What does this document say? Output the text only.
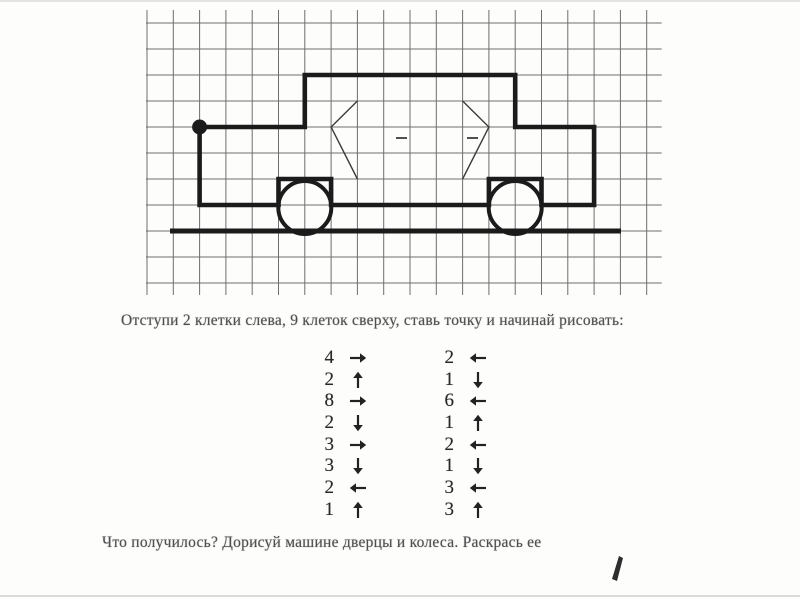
Отступи 2 клетки слева, 9 клеток сверху, ставь точку и начинай рисовать:
4
2
8
2
3
3
2
1
2
1
6
1
2
1
3
3
Что получилось? Дорисуй машине дверцы и колеса. Раскрась ее
